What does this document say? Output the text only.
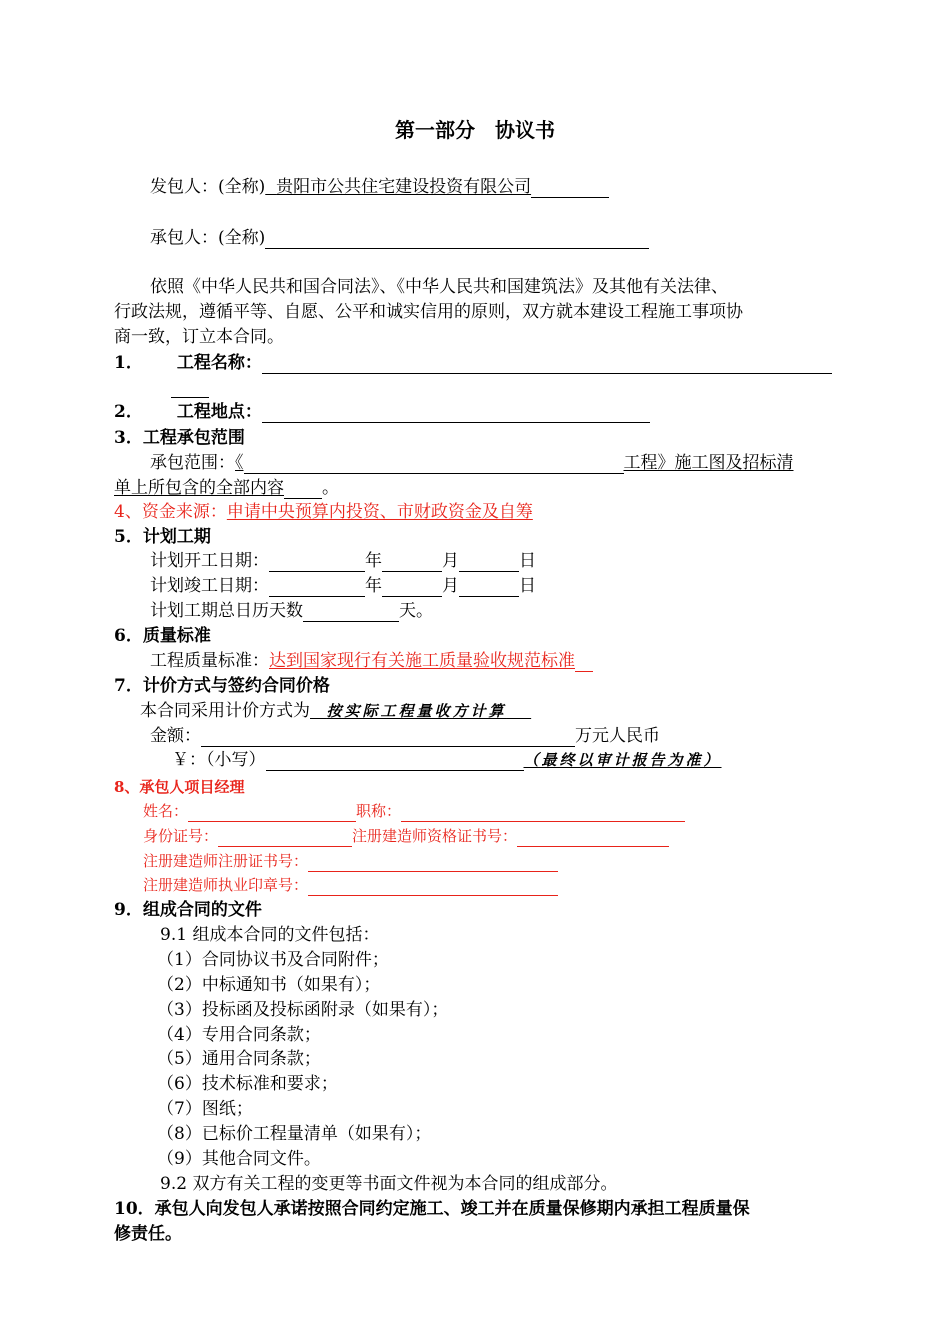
第一部分　协议书
发包人：(全称) 贵阳市公共住宅建设投资有限公司
承包人：(全称)
依照《中华人民共和国合同法》、《中华人民共和国建筑法》及其他有关法律、
行政法规，遵循平等、自愿、公平和诚实信用的原则，双方就本建设工程施工事项协
商一致，订立本合同。
1． 工程名称：
2． 工程地点：
3．工程承包范围
承包范围：《	工程》施工图及招标清
单上所包含的全部内容 。
4、资金来源：申请中央预算内投资、市财政资金及自筹
5．计划工期
计划开工日期：	年	月	日
计划竣工日期：	年	月	日
计划工期总日历天数	天。
6．质量标准
工程质量标准：达到国家现行有关施工质量验收规范标准
7．计价方式与签约合同价格
本合同采用计价方式为 按实际工程量收方计算
金额：	万元人民币
￥：（小写）	（最终以审计报告为准）
8、承包人项目经理
姓名：	职称：
身份证号：	注册建造师资格证书号：
注册建造师注册证书号：
注册建造师执业印章号：
9．组成合同的文件
9.1 组成本合同的文件包括：
（1）合同协议书及合同附件；
（2）中标通知书（如果有）；
（3）投标函及投标函附录（如果有）；
（4）专用合同条款；
（5）通用合同条款；
（6）技术标准和要求；
（7）图纸；
（8）已标价工程量清单（如果有）；
（9）其他合同文件。
9.2 双方有关工程的变更等书面文件视为本合同的组成部分。
10．承包人向发包人承诺按照合同约定施工、竣工并在质量保修期内承担工程质量保
修责任。
